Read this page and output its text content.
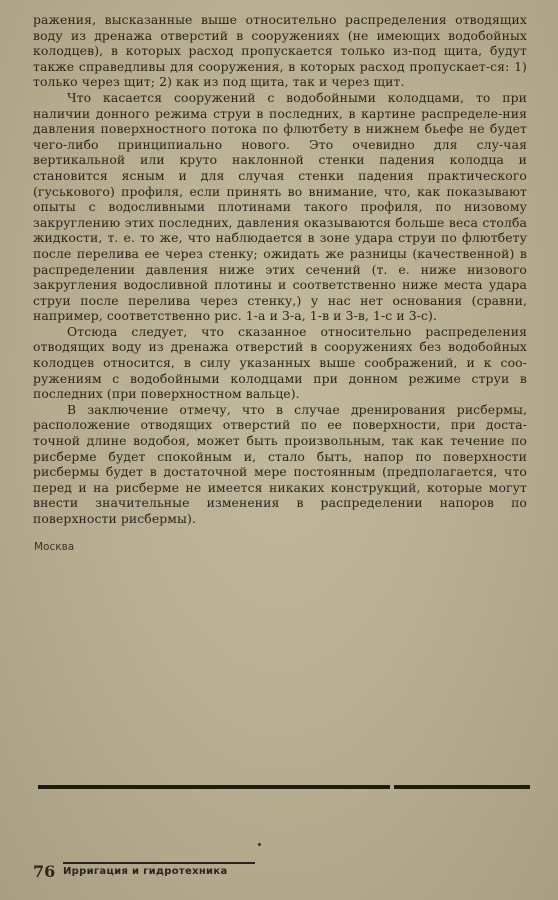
ражения, высказанные выше относительно распределения отводящих воду из дренажа отверстий в сооружениях (не имеющих водобойных колодцев), в которых расход пропускается только из-под щита, будут также справедливы для сооружения, в которых расход пропускает-ся: 1) только через щит; 2) как из под щита, так и через щит.

Что касается сооружений с водобойными колодцами, то при наличии донного режима струи в последних, в картине распределе-ния давления поверхностного потока по флютбету в нижнем бьефе не будет чего-либо принципиально нового. Это очевидно для слу-чая вертикальной или круто наклонной стенки падения колодца и становится ясным и для случая стенки падения практического (гуськового) профиля, если принять во внимание, что, как показывают опыты с водосливными плотинами такого профиля, по низовому закруглению этих последних, давления оказываются больше веса столба жидкости, т. е. то же, что наблюдается в зоне удара струи по флютбету после перелива ее через стенку; ожидать же разницы (качественной) в распределении давления ниже этих сечений (т. е. ниже низового закругления водосливной плотины и соответственно ниже места удара струи после перелива через стенку,) у нас нет основания (сравни, например, соответственно рис. 1-а и 3-а, 1-в и 3-в, 1-с и 3-с).

Отсюда следует, что сказанное относительно распределения отводящих воду из дренажа отверстий в сооружениях без водобойных колодцев относится, в силу указанных выше соображений, и к соо-ружениям с водобойными колодцами при донном режиме струи в последних (при поверхностном вальце).

В заключение отмечу, что в случае дренирования рисбермы, расположение отводящих отверстий по ее поверхности, при доста-точной длине водобоя, может быть произвольным, так как течение по рисберме будет спокойным и, стало быть, напор по поверхности рисбермы будет в достаточной мере постоянным (предполагается, что перед и на рисберме не имеется никаких конструкций, которые могут внести значительные изменения в распределении напоров по поверхности рисбермы).

Москва
76 Ирригация и гидротехника
